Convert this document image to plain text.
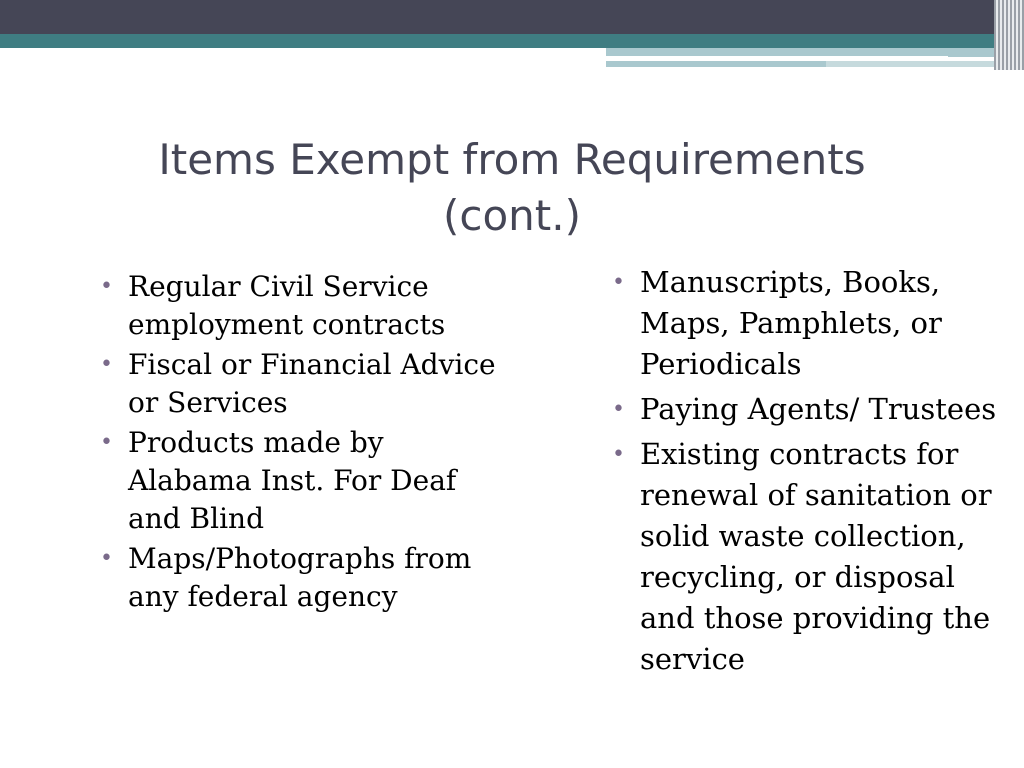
Items Exempt from Requirements
(cont.)
• Regular Civil Service employment contracts
• Fiscal or Financial Advice or Services
• Products made by Alabama Inst. For Deaf and Blind
• Maps/Photographs from any federal agency
• Manuscripts, Books, Maps, Pamphlets, or Periodicals
• Paying Agents/ Trustees
• Existing contracts for renewal of sanitation or solid waste collection, recycling, or disposal and those providing the service
